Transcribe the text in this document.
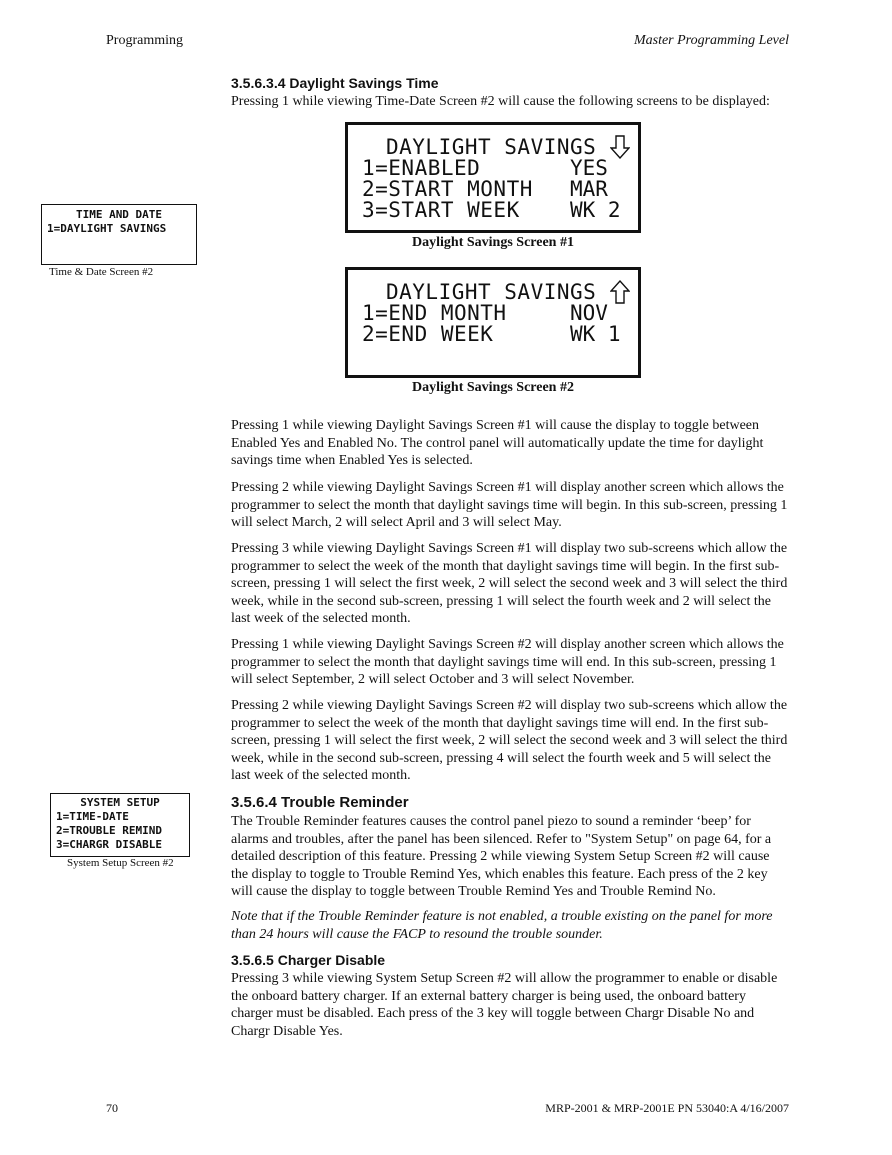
Programming	Master Programming Level
3.5.6.3.4 Daylight Savings Time
Pressing 1 while viewing Time-Date Screen #2 will cause the following screens to be displayed:
DAYLIGHT SAVINGS
1=ENABLED
2=START MONTH
3=START WEEK
YES
MAR
WK 2
Daylight Savings Screen #1
DAYLIGHT SAVINGS
1=END MONTH
2=END WEEK
NOV
WK 1
Daylight Savings Screen #2
TIME AND DATE
1=DAYLIGHT SAVINGS
Time & Date Screen #2
Pressing 1 while viewing Daylight Savings Screen #1 will cause the display to toggle between Enabled Yes and Enabled No. The control panel will automatically update the time for daylight savings time when Enabled Yes is selected.
Pressing 2 while viewing Daylight Savings Screen #1 will display another screen which allows the programmer to select the month that daylight savings time will begin. In this sub-screen, pressing 1 will select March, 2 will select April and 3 will select May.
Pressing 3 while viewing Daylight Savings Screen #1 will display two sub-screens which allow the programmer to select the week of the month that daylight savings time will begin. In the first sub-screen, pressing 1 will select the first week, 2 will select the second week and 3 will select the third week, while in the second sub-screen, pressing 1 will select the fourth week and 2 will select the last week of the selected month.
Pressing 1 while viewing Daylight Savings Screen #2 will display another screen which allows the programmer to select the month that daylight savings time will end. In this sub-screen, pressing 1 will select September, 2 will select October and 3 will select November.
Pressing 2 while viewing Daylight Savings Screen #2 will display two sub-screens which allow the programmer to select the week of the month that daylight savings time will end. In the first sub-screen, pressing 1 will select the first week, 2 will select the second week and 3 will select the third week, while in the second sub-screen, pressing 4 will select the fourth week and 5 will select the last week of the selected month.
SYSTEM SETUP
1=TIME-DATE
2=TROUBLE REMIND
3=CHARGR DISABLE
System Setup Screen #2
3.5.6.4 Trouble Reminder
The Trouble Reminder features causes the control panel piezo to sound a reminder ‘beep’ for alarms and troubles, after the panel has been silenced. Refer to "System Setup" on page 64, for a detailed description of this feature. Pressing 2 while viewing System Setup Screen #2 will cause the display to toggle to Trouble Remind Yes, which enables this feature. Each press of the 2 key will cause the display to toggle between Trouble Remind Yes and Trouble Remind No.
Note that if the Trouble Reminder feature is not enabled, a trouble existing on the panel for more than 24 hours will cause the FACP to resound the trouble sounder.
3.5.6.5 Charger Disable
Pressing 3 while viewing System Setup Screen #2 will allow the programmer to enable or disable the onboard battery charger. If an external battery charger is being used, the onboard battery charger must be disabled. Each press of the 3 key will toggle between Chargr Disable No and Chargr Disable Yes.
70	MRP-2001 & MRP-2001E PN 53040:A 4/16/2007
